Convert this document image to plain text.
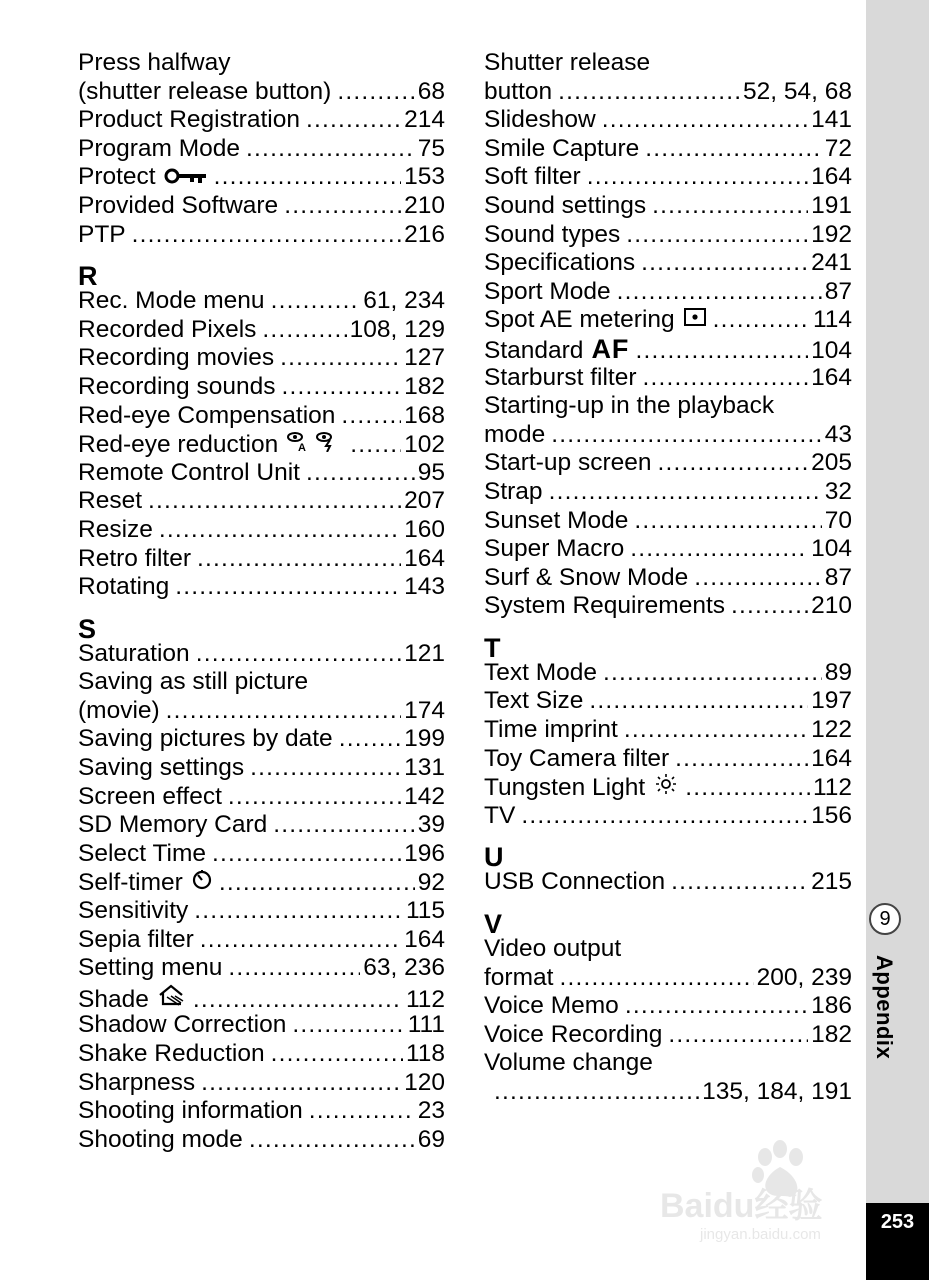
Press halfway
(shutter release button) .....	68
Product Registration .....	214
Program Mode .....	75
Protect .....	153
Provided Software .....	210
PTP .....	216
R
Rec. Mode menu .....	61, 234
Recorded Pixels .....	108, 129
Recording movies .....	127
Recording sounds .....	182
Red-eye Compensation .....	168
Red-eye reduction A .....	102
Remote Control Unit .....	95
Reset .....	207
Resize .....	160
Retro filter .....	164
Rotating .....	143
S
Saturation .....	121
Saving as still picture
(movie) .....	174
Saving pictures by date .....	199
Saving settings .....	131
Screen effect .....	142
SD Memory Card .....	39
Select Time .....	196
Self-timer .....	92
Sensitivity .....	115
Sepia filter .....	164
Setting menu .....	63, 236
Shade .....	112
Shadow Correction .....	111
Shake Reduction .....	118
Sharpness .....	120
Shooting information .....	23
Shooting mode .....	69
Shutter release
button .....	52, 54, 68
Slideshow .....	141
Smile Capture .....	72
Soft filter .....	164
Sound settings .....	191
Sound types .....	192
Specifications .....	241
Sport Mode .....	87
Spot AE metering .....	114
Standard AF .....	104
Starburst filter .....	164
Starting-up in the playback
mode .....	43
Start-up screen .....	205
Strap .....	32
Sunset Mode .....	70
Super Macro .....	104
Surf & Snow Mode .....	87
System Requirements .....	210
T
Text Mode .....	89
Text Size .....	197
Time imprint .....	122
Toy Camera filter .....	164
Tungsten Light .....	112
TV .....	156
U
USB Connection .....	215
V
Video output
format .....	200, 239
Voice Memo .....	186
Voice Recording .....	182
Volume change
.....
135, 184, 191
9
Appendix
253
Baidu经验
jingyan.baidu.com
